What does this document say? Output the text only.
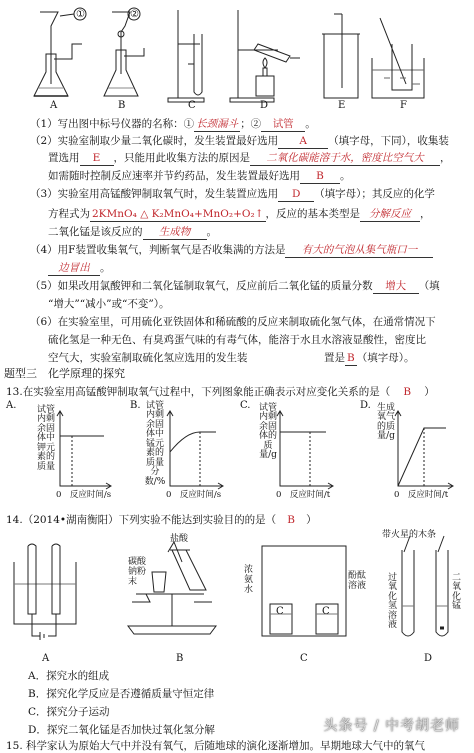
①	②
A	B	C	D	E	F
（1）写出图中标号仪器的名称：① 长颈漏斗 ；② 试管 。
（2）实验室制取少量二氧化碳时，发生装置最好选用 A （填字母，下同），收集装
置选用 E ，只能用此收集方法的原因是 二氧化碳能溶于水，密度比空气大 ，
如需随时控制反应速率并节约药品，发生装置最好选用 B 。
（3）实验室用高锰酸钾制取氧气时，发生装置应选用 D （填字母）；其反应的化学
方程式为 2KMnO₄ △ K₂MnO₄+MnO₂+O₂↑ ，反应的基本类型是 分解反应 ，
二氧化锰是该反应的 生成物 。
（4）用F装置收集氧气，判断氧气是否收集满的方法是 有大的气泡从集气瓶口一
边冒出 。
（5）如果改用氯酸钾和二氧化锰制取氧气，反应前后二氧化锰的质量分数 增大 （填
“增大”“减小”或“不变”）。
（6）在实验室里，可用硫化亚铁固体和稀硫酸的反应来制取硫化氢气体，在通常情况下
硫化氢是一种无色、有臭鸡蛋气味的有毒气体，能溶于水且水溶液显酸性，密度比
空气大，实验室制取硫化氢应选用的发生装	置是 B （填字母）。
题型三　化学原理的探究
13.在实验室用高锰酸钾制取氧气过程中，下列图象能正确表示对应变化关系的是（ B ）
A.	B.	C.	D.
试管内剩余固体中钾元素的质量
试管内剩余固体中锰元素的质量分数/%
试管内剩余固体的质量/g
生成氧气的质量/g
0　反应时间/s	0　反应时间/s	0　反应时间/t	0　反应时间/t
14.（2014•湖南衡阳）下列实验不能达到实验目的的是（ B ）
盐酸
碳酸钠粉末
浓氨水
酚酞溶液
带火星的木条
过氧化氢溶液
二氧化锰
C	C
A	B	C	D
A．探究水的组成
B．探究化学反应是否遵循质量守恒定律
C．探究分子运动
D．探究二氧化锰是否加快过氧化氢分解
15. 科学家认为原始大气中并没有氧气，后随地球的演化逐渐增加。早期地球大气中的氧气
头条号 / 中考胡老师
